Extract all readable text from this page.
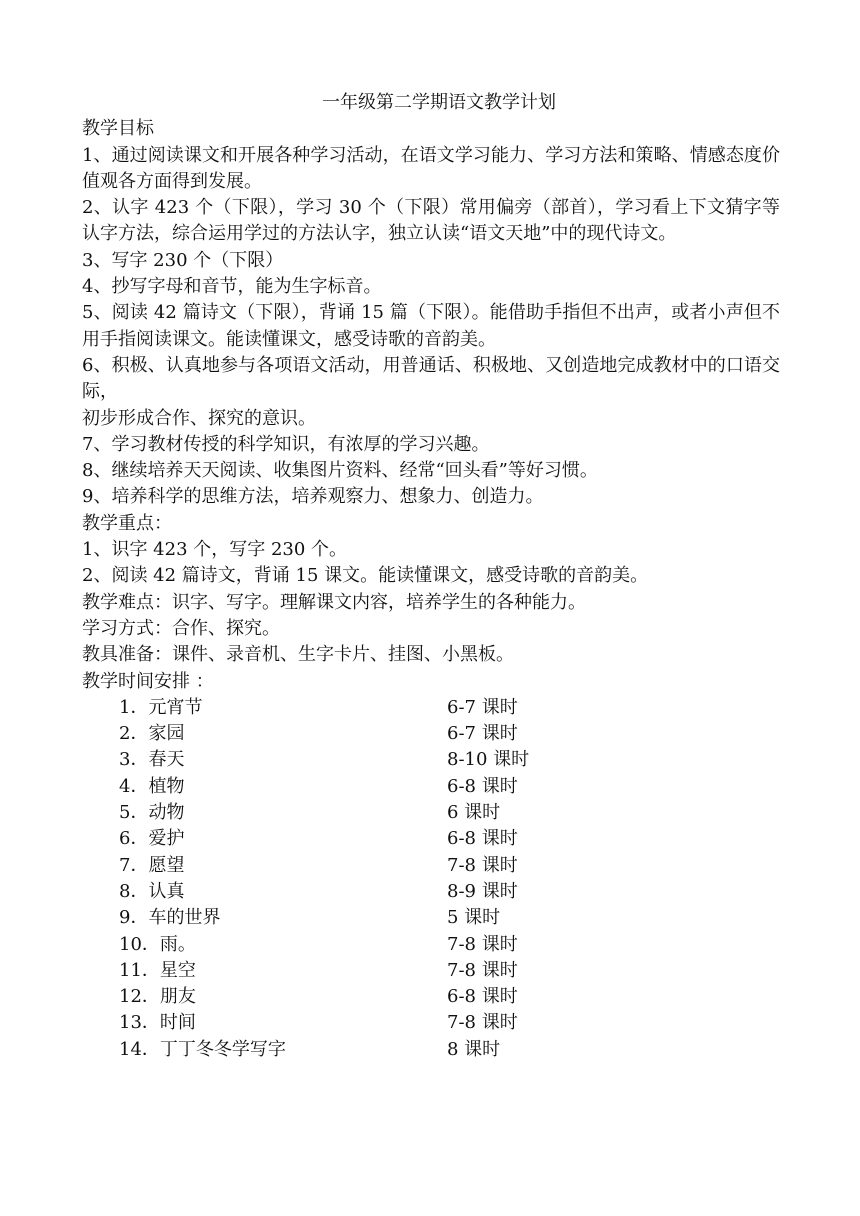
一年级第二学期语文教学计划

教学目标

1、通过阅读课文和开展各种学习活动，在语文学习能力、学习方法和策略、情感态度价值观各方面得到发展。

2、认字 423 个（下限），学习 30 个（下限）常用偏旁（部首），学习看上下文猜字等认字方法，综合运用学过的方法认字，独立认读“语文天地”中的现代诗文。

3、写字 230 个（下限）

4、抄写字母和音节，能为生字标音。

5、阅读 42 篇诗文（下限），背诵 15 篇（下限）。能借助手指但不出声，或者小声但不用手指阅读课文。能读懂课文，感受诗歌的音韵美。

6、积极、认真地参与各项语文活动，用普通话、积极地、又创造地完成教材中的口语交际，

初步形成合作、探究的意识。

7、学习教材传授的科学知识，有浓厚的学习兴趣。

8、继续培养天天阅读、收集图片资料、经常“回头看”等好习惯。

9、培养科学的思维方法，培养观察力、想象力、创造力。

教学重点：

1、识字 423 个，写字 230 个。

2、阅读 42 篇诗文，背诵 15 课文。能读懂课文，感受诗歌的音韵美。

教学难点：识字、写字。理解课文内容，培养学生的各种能力。

学习方式：合作、探究。

教具准备：课件、录音机、生字卡片、挂图、小黑板。

教学时间安排 ：

1．元宵节	6-7 课时
2．家园	6-7 课时
3．春天	8-10 课时
4．植物	6-8 课时
5．动物	6 课时
6．爱护	6-8 课时
7．愿望	7-8 课时
8．认真	8-9 课时
9．车的世界	5 课时
10．雨。	7-8 课时
11．星空	7-8 课时
12．朋友	6-8 课时
13．时间	7-8 课时
14．丁丁冬冬学写字	8 课时
